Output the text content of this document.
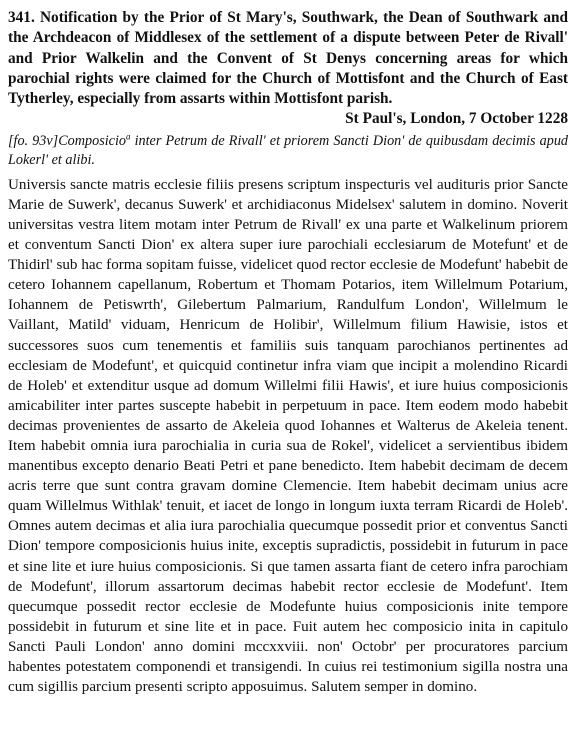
341. Notification by the Prior of St Mary's, Southwark, the Dean of Southwark and the Archdeacon of Middlesex of the settlement of a dispute between Peter de Rivall' and Prior Walkelin and the Convent of St Denys concerning areas for which parochial rights were claimed for the Church of Mottisfont and the Church of East Tytherley, especially from assarts within Mottisfont parish.

St Paul's, London, 7 October 1228

[fo. 93v]Composicio$^a$ inter Petrum de Rivall' et priorem Sancti Dion' de quibusdam decimis apud Lokerl' et alibi.

Universis sancte matris ecclesie filiis presens scriptum inspecturis vel audituris prior Sancte Marie de Suwerk', decanus Suwerk' et archidiaconus Midelsex' salutem in domino. Noverit universitas vestra litem motam inter Petrum de Rivall' ex una parte et Walkelinum priorem et conventum Sancti Dion' ex altera super iure parochiali ecclesiarum de Motefunt' et de Thidirl' sub hac forma sopitam fuisse, videlicet quod rector ecclesie de Modefunt' habebit de cetero Iohannem capellanum, Robertum et Thomam Potarios, item Willelmum Potarium, Iohannem de Petiswrth', Gilebertum Palmarium, Randulfum London', Willelmum le Vaillant, Matild' viduam, Henricum de Holibir', Willelmum filium Hawisie, istos et successores suos cum tenementis et familiis suis tanquam parochianos pertinentes ad ecclesiam de Modefunt', et quicquid continetur infra viam que incipit a molendino Ricardi de Holeb' et extenditur usque ad domum Willelmi filii Hawis', et iure huius composicionis amicabiliter inter partes suscepte habebit in perpetuum in pace. Item eodem modo habebit decimas provenientes de assarto de Akeleia quod Iohannes et Walterus de Akeleia tenent. Item habebit omnia iura parochialia in curia sua de Rokel', videlicet a servientibus ibidem manentibus excepto denario Beati Petri et pane benedicto. Item habebit decimam de decem acris terre que sunt contra gravam domine Clemencie. Item habebit decimam unius acre quam Willelmus Withlak' tenuit, et iacet de longo in longum iuxta terram Ricardi de Holeb'. Omnes autem decimas et alia iura parochialia quecumque possedit prior et conventus Sancti Dion' tempore composicionis huius inite, exceptis supradictis, possidebit in futurum in pace et sine lite et iure huius composicionis. Si que tamen assarta fiant de cetero infra parochiam de Modefunt', illorum assartorum decimas habebit rector ecclesie de Modefunt'. Item quecumque possedit rector ecclesie de Modefunte huius composicionis inite tempore possidebit in futurum et sine lite et in pace. Fuit autem hec composicio inita in capitulo Sancti Pauli London' anno domini mccxxviii. non' Octobr' per procuratores parcium habentes potestatem componendi et transigendi. In cuius rei testimonium sigilla nostra una cum sigillis parcium presenti scripto apposuimus. Salutem semper in domino.
